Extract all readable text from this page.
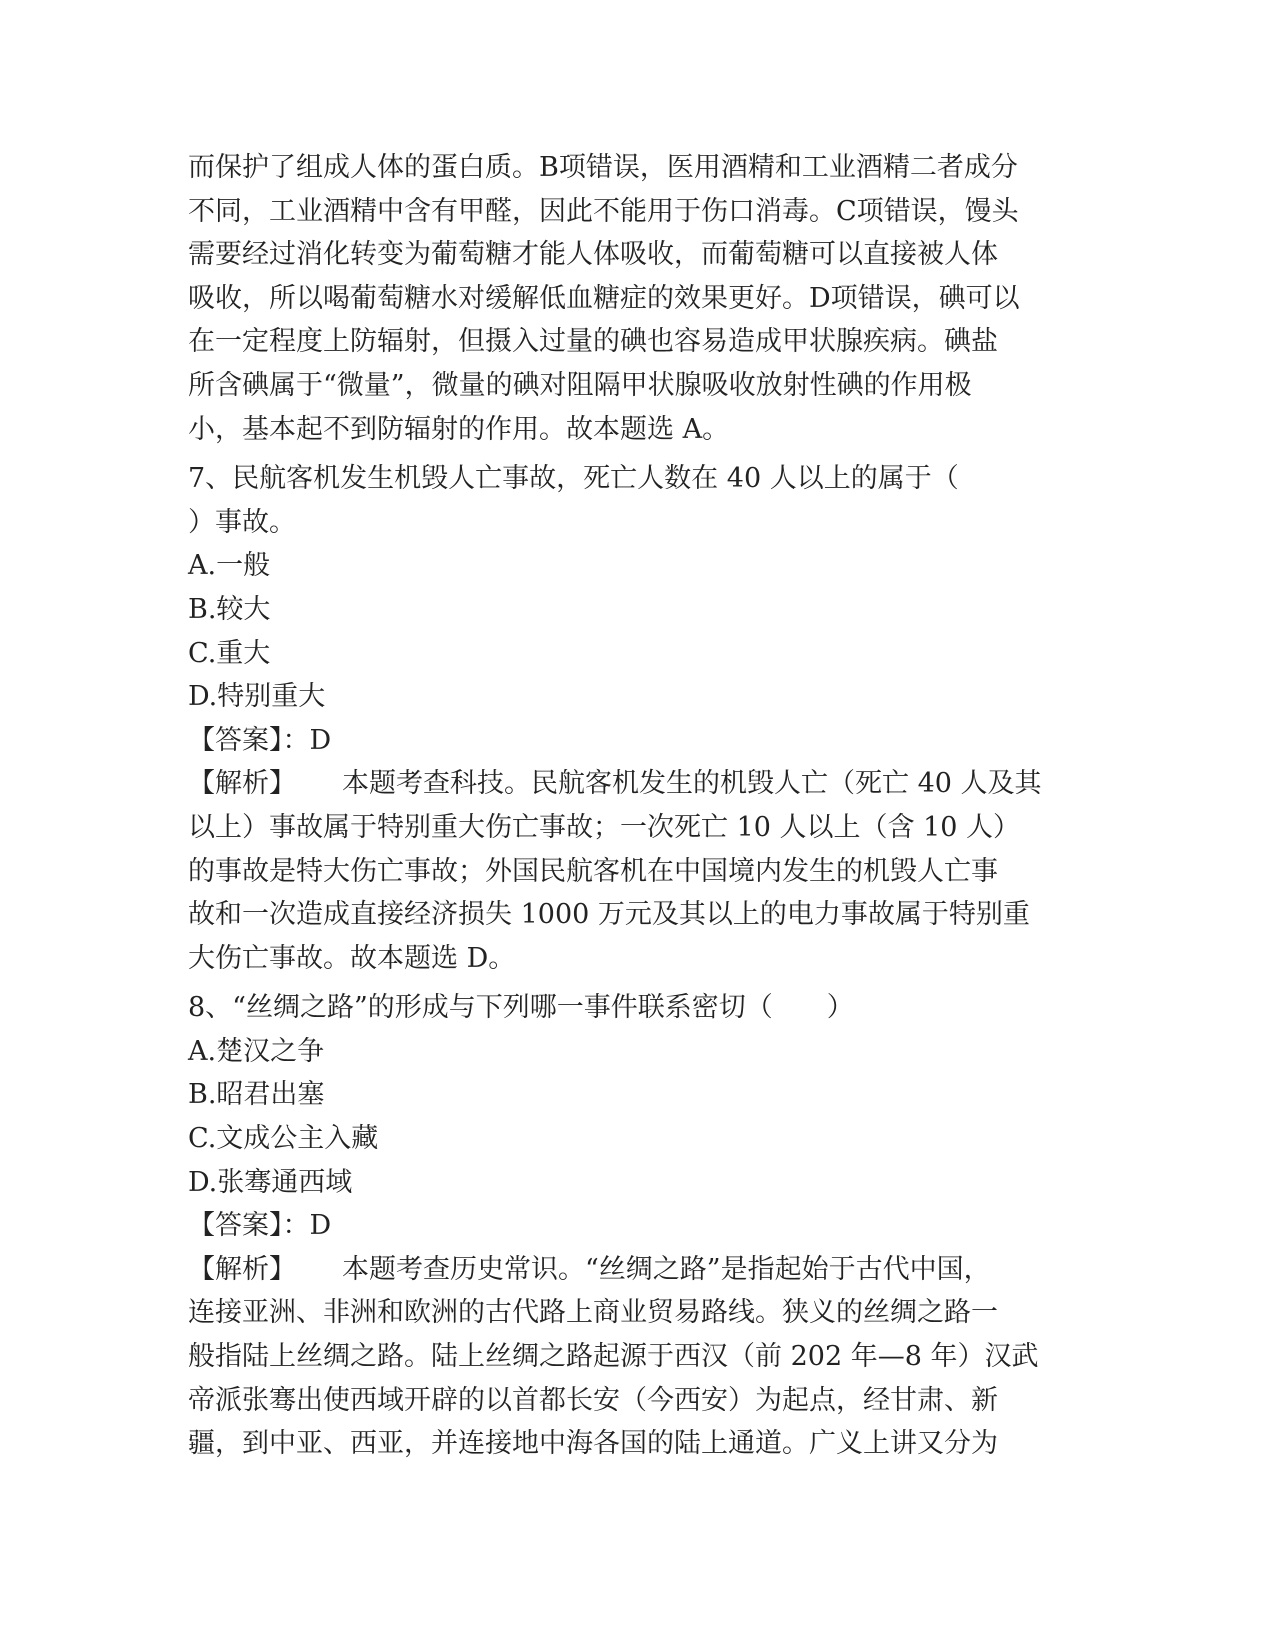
而保护了组成人体的蛋白质。B项错误，医用酒精和工业酒精二者成分
不同，工业酒精中含有甲醛，因此不能用于伤口消毒。C项错误，馒头
需要经过消化转变为葡萄糖才能人体吸收，而葡萄糖可以直接被人体
吸收，所以喝葡萄糖水对缓解低血糖症的效果更好。D项错误，碘可以
在一定程度上防辐射，但摄入过量的碘也容易造成甲状腺疾病。碘盐
所含碘属于“微量”，微量的碘对阻隔甲状腺吸收放射性碘的作用极
小，基本起不到防辐射的作用。故本题选 A。
7、民航客机发生机毁人亡事故，死亡人数在 40 人以上的属于（
）事故。
A.一般
B.较大
C.重大
D.特别重大
【答案】：D
【解析】 本题考查科技。民航客机发生的机毁人亡（死亡 40 人及其
以上）事故属于特别重大伤亡事故；一次死亡 10 人以上（含 10 人）
的事故是特大伤亡事故；外国民航客机在中国境内发生的机毁人亡事
故和一次造成直接经济损失 1000 万元及其以上的电力事故属于特别重
大伤亡事故。故本题选 D。
8、“丝绸之路”的形成与下列哪一事件联系密切（　　）
A.楚汉之争
B.昭君出塞
C.文成公主入藏
D.张骞通西域
【答案】：D
【解析】 本题考查历史常识。“丝绸之路”是指起始于古代中国，
连接亚洲、非洲和欧洲的古代路上商业贸易路线。狭义的丝绸之路一
般指陆上丝绸之路。陆上丝绸之路起源于西汉（前 202 年—8 年）汉武
帝派张骞出使西域开辟的以首都长安（今西安）为起点，经甘肃、新
疆，到中亚、西亚，并连接地中海各国的陆上通道。广义上讲又分为
